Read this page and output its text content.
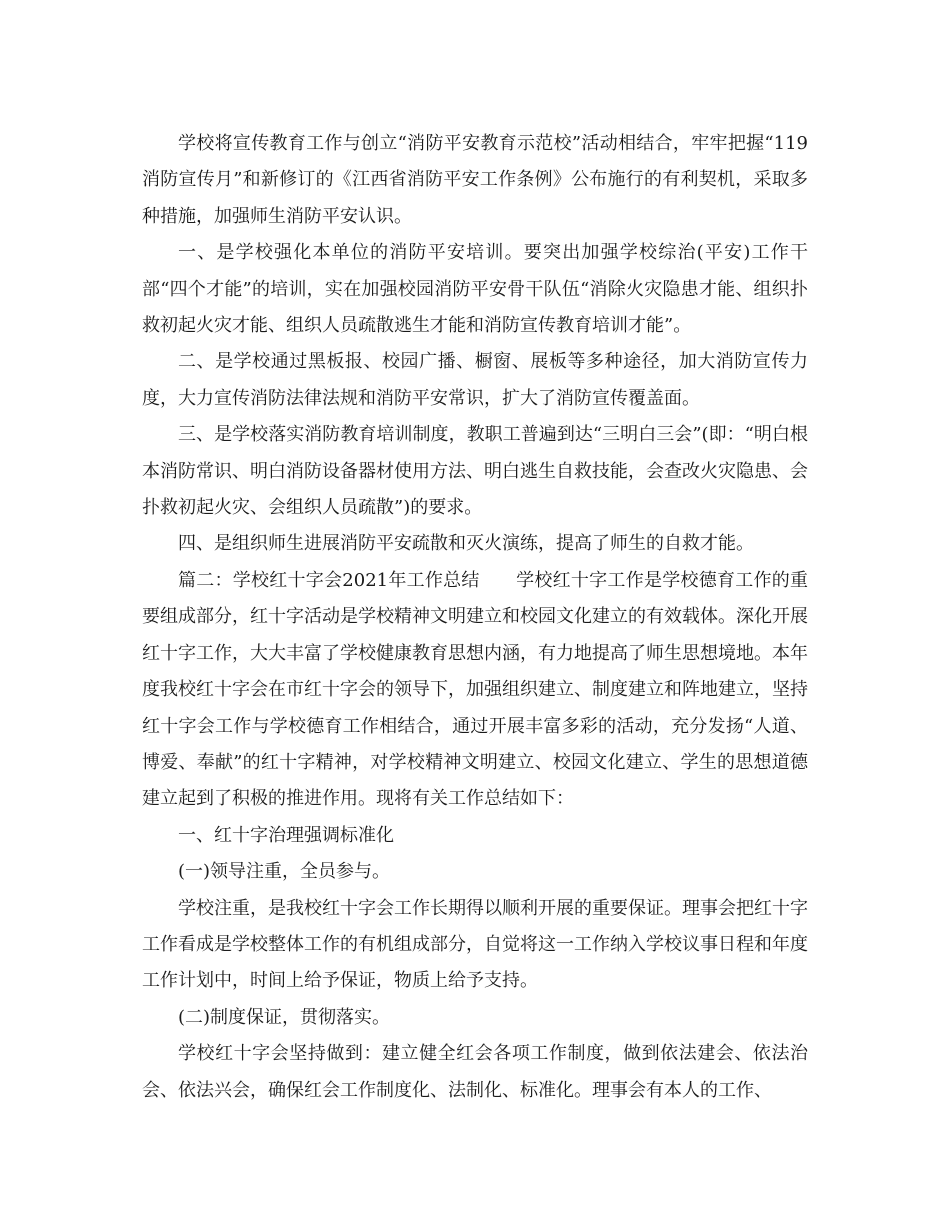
学校将宣传教育工作与创立“消防平安教育示范校”活动相结合，牢牢把握“119消防宣传月”和新修订的《江西省消防平安工作条例》公布施行的有利契机，采取多种措施，加强师生消防平安认识。

一、是学校强化本单位的消防平安培训。要突出加强学校综治(平安)工作干部“四个才能”的培训，实在加强校园消防平安骨干队伍“消除火灾隐患才能、组织扑救初起火灾才能、组织人员疏散逃生才能和消防宣传教育培训才能”。

二、是学校通过黑板报、校园广播、橱窗、展板等多种途径，加大消防宣传力度，大力宣传消防法律法规和消防平安常识，扩大了消防宣传覆盖面。

三、是学校落实消防教育培训制度，教职工普遍到达“三明白三会”(即：“明白根本消防常识、明白消防设备器材使用方法、明白逃生自救技能，会查改火灾隐患、会扑救初起火灾、会组织人员疏散”)的要求。

四、是组织师生进展消防平安疏散和灭火演练，提高了师生的自救才能。

篇二：学校红十字会2021年工作总结　　学校红十字工作是学校德育工作的重要组成部分，红十字活动是学校精神文明建立和校园文化建立的有效载体。深化开展红十字工作，大大丰富了学校健康教育思想内涵，有力地提高了师生思想境地。本年度我校红十字会在市红十字会的领导下，加强组织建立、制度建立和阵地建立，坚持红十字会工作与学校德育工作相结合，通过开展丰富多彩的活动，充分发扬“人道、博爱、奉献”的红十字精神，对学校精神文明建立、校园文化建立、学生的思想道德建立起到了积极的推进作用。现将有关工作总结如下：

一、红十字治理强调标准化

(一)领导注重，全员参与。

学校注重，是我校红十字会工作长期得以顺利开展的重要保证。理事会把红十字工作看成是学校整体工作的有机组成部分，自觉将这一工作纳入学校议事日程和年度工作计划中，时间上给予保证，物质上给予支持。

(二)制度保证，贯彻落实。

学校红十字会坚持做到：建立健全红会各项工作制度，做到依法建会、依法治会、依法兴会，确保红会工作制度化、法制化、标准化。理事会有本人的工作、
